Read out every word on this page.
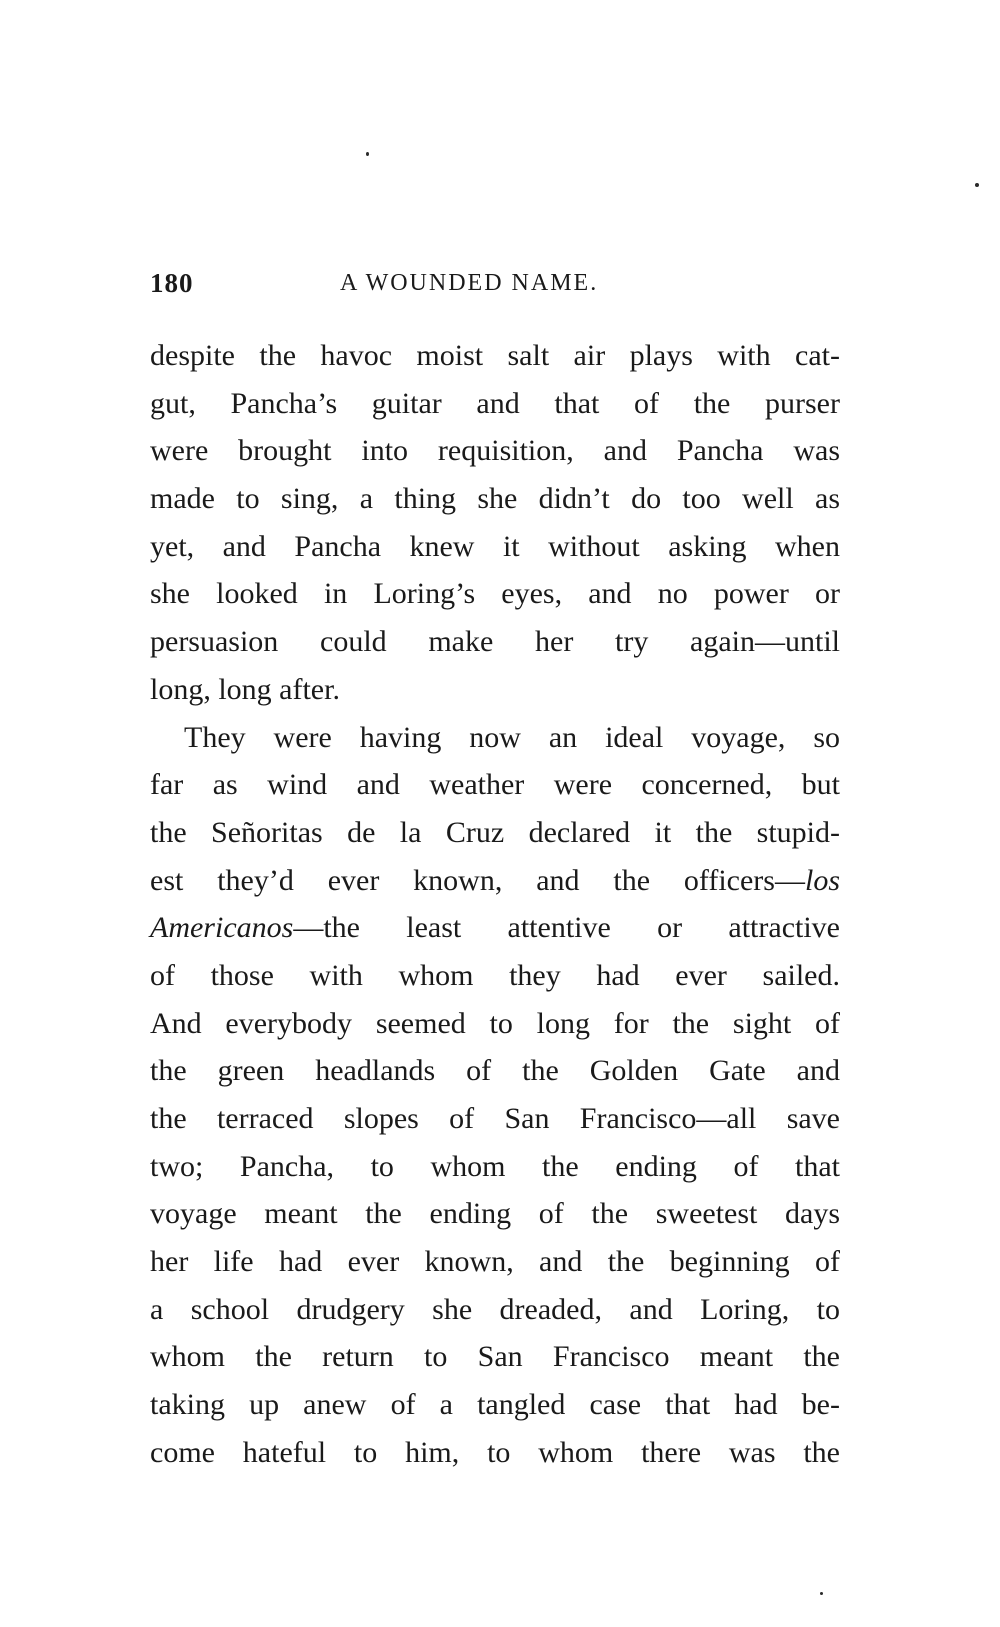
180	A WOUNDED NAME.
despite the havoc moist salt air plays with cat-
gut, Pancha’s guitar and that of the purser
were brought into requisition, and Pancha was
made to sing, a thing she didn’t do too well as
yet, and Pancha knew it without asking when
she looked in Loring’s eyes, and no power or
persuasion could make her try again—until
long, long after.
They were having now an ideal voyage, so
far as wind and weather were concerned, but
the Señoritas de la Cruz declared it the stupid-
est they’d ever known, and the officers—los
Americanos—the least attentive or attractive
of those with whom they had ever sailed.
And everybody seemed to long for the sight of
the green headlands of the Golden Gate and
the terraced slopes of San Francisco—all save
two; Pancha, to whom the ending of that
voyage meant the ending of the sweetest days
her life had ever known, and the beginning of
a school drudgery she dreaded, and Loring, to
whom the return to San Francisco meant the
taking up anew of a tangled case that had be-
come hateful to him, to whom there was the
